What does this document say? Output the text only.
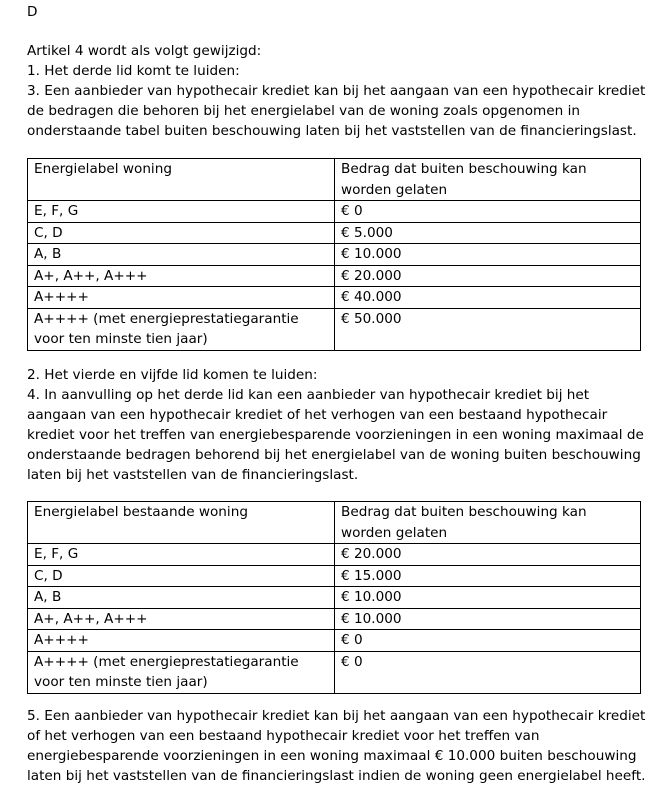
D
Artikel 4 wordt als volgt gewijzigd:
1. Het derde lid komt te luiden:
3. Een aanbieder van hypothecair krediet kan bij het aangaan van een hypothecair krediet
de bedragen die behoren bij het energielabel van de woning zoals opgenomen in
onderstaande tabel buiten beschouwing laten bij het vaststellen van de financieringslast.
Energielabel woning	Bedrag dat buiten beschouwing kan worden gelaten
E, F, G	€ 0
C, D	€ 5.000
A, B	€ 10.000
A+, A++, A+++	€ 20.000
A++++	€ 40.000
A++++ (met energieprestatiegarantie voor ten minste tien jaar)	€ 50.000
2. Het vierde en vijfde lid komen te luiden:
4. In aanvulling op het derde lid kan een aanbieder van hypothecair krediet bij het
aangaan van een hypothecair krediet of het verhogen van een bestaand hypothecair
krediet voor het treffen van energiebesparende voorzieningen in een woning maximaal de
onderstaande bedragen behorend bij het energielabel van de woning buiten beschouwing
laten bij het vaststellen van de financieringslast.
Energielabel bestaande woning	Bedrag dat buiten beschouwing kan worden gelaten
E, F, G	€ 20.000
C, D	€ 15.000
A, B	€ 10.000
A+, A++, A+++	€ 10.000
A++++	€ 0
A++++ (met energieprestatiegarantie voor ten minste tien jaar)	€ 0
5. Een aanbieder van hypothecair krediet kan bij het aangaan van een hypothecair krediet
of het verhogen van een bestaand hypothecair krediet voor het treffen van
energiebesparende voorzieningen in een woning maximaal € 10.000 buiten beschouwing
laten bij het vaststellen van de financieringslast indien de woning geen energielabel heeft.
